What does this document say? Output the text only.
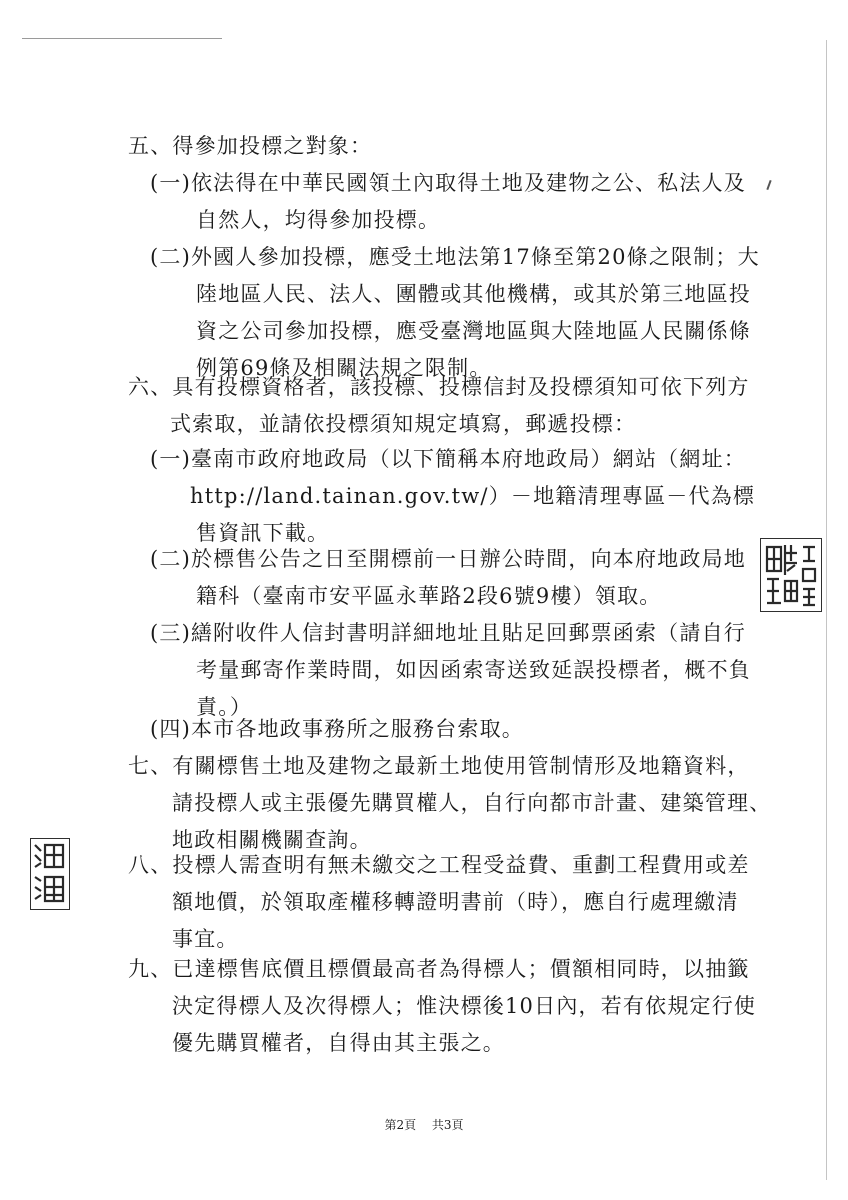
五、得參加投標之對象：
(一)依法得在中華民國領土內取得土地及建物之公、私法人及
自然人，均得參加投標。
(二)外國人參加投標，應受土地法第17條至第20條之限制；大
陸地區人民、法人、團體或其他機構，或其於第三地區投
資之公司參加投標，應受臺灣地區與大陸地區人民關係條
例第69條及相關法規之限制。
六、具有投標資格者，該投標、投標信封及投標須知可依下列方
式索取，並請依投標須知規定填寫，郵遞投標：
(一)臺南市政府地政局（以下簡稱本府地政局）網站（網址：
http://land.tainan.gov.tw/）－地籍清理專區－代為標
售資訊下載。
(二)於標售公告之日至開標前一日辦公時間，向本府地政局地
籍科（臺南市安平區永華路2段6號9樓）領取。
(三)繕附收件人信封書明詳細地址且貼足回郵票函索（請自行
考量郵寄作業時間，如因函索寄送致延誤投標者，概不負
責。）
(四)本市各地政事務所之服務台索取。
七、有關標售土地及建物之最新土地使用管制情形及地籍資料，
請投標人或主張優先購買權人，自行向都市計畫、建築管理、
地政相關機關查詢。
八、投標人需查明有無未繳交之工程受益費、重劃工程費用或差
額地價，於領取產權移轉證明書前（時），應自行處理繳清
事宜。
九、已達標售底價且標價最高者為得標人；價額相同時，以抽籤
決定得標人及次得標人；惟決標後10日內，若有依規定行使
優先購買權者，自得由其主張之。
第2頁 共3頁
